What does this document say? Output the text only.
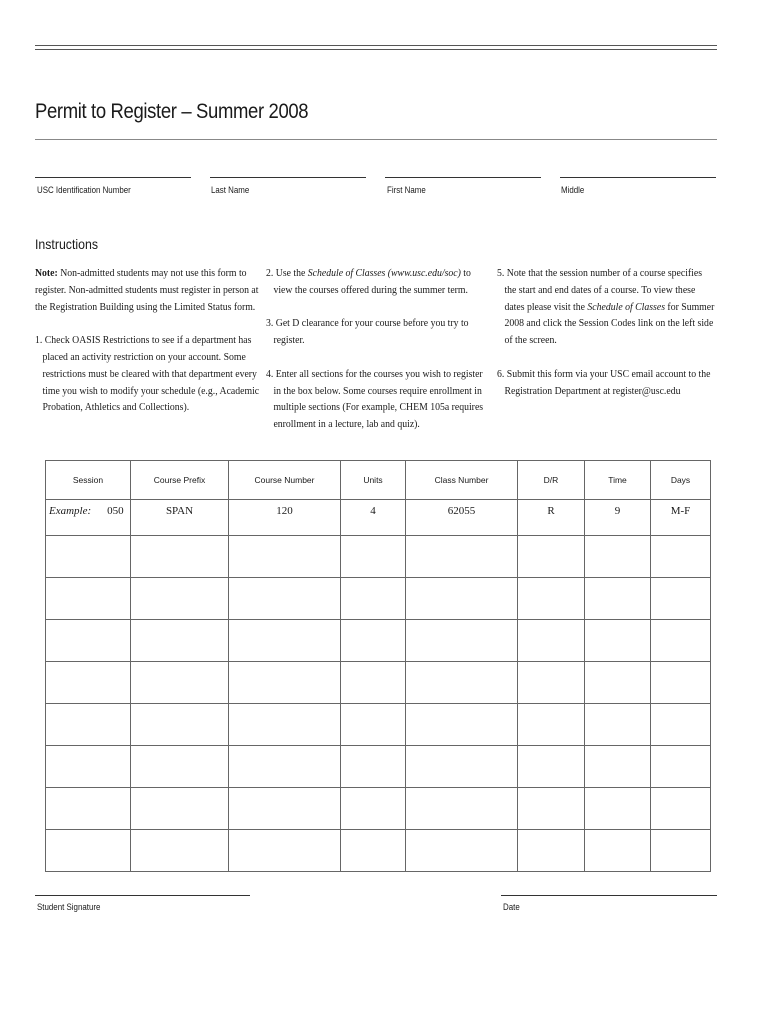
Permit to Register – Summer 2008
USC Identification Number	Last Name	First Name	Middle
Instructions

Note: Non-admitted students may not use this form to register. Non-admitted students must register in person at the Registration Building using the Limited Status form.

1. Check OASIS Restrictions to see if a department has placed an activity restriction on your account. Some restrictions must be cleared with that department every time you wish to modify your schedule (e.g., Academic Probation, Athletics and Collections).

2. Use the Schedule of Classes (www.usc.edu/soc) to view the courses offered during the summer term.

3. Get D clearance for your course before you try to register.

4. Enter all sections for the courses you wish to register in the box below. Some courses require enrollment in multiple sections (For example, CHEM 105a requires enrollment in a lecture, lab and quiz).

5. Note that the session number of a course specifies the start and end dates of a course. To view these dates please visit the Schedule of Classes for Summer 2008 and click the Session Codes link on the left side of the screen.

6. Submit this form via your USC email account to the Registration Department at register@usc.edu

Session	Course Prefix	Course Number	Units	Class Number	D/R	Time	Days
Example: 050	SPAN	120	4	62055	R	9	M-F

Student Signature	Date
